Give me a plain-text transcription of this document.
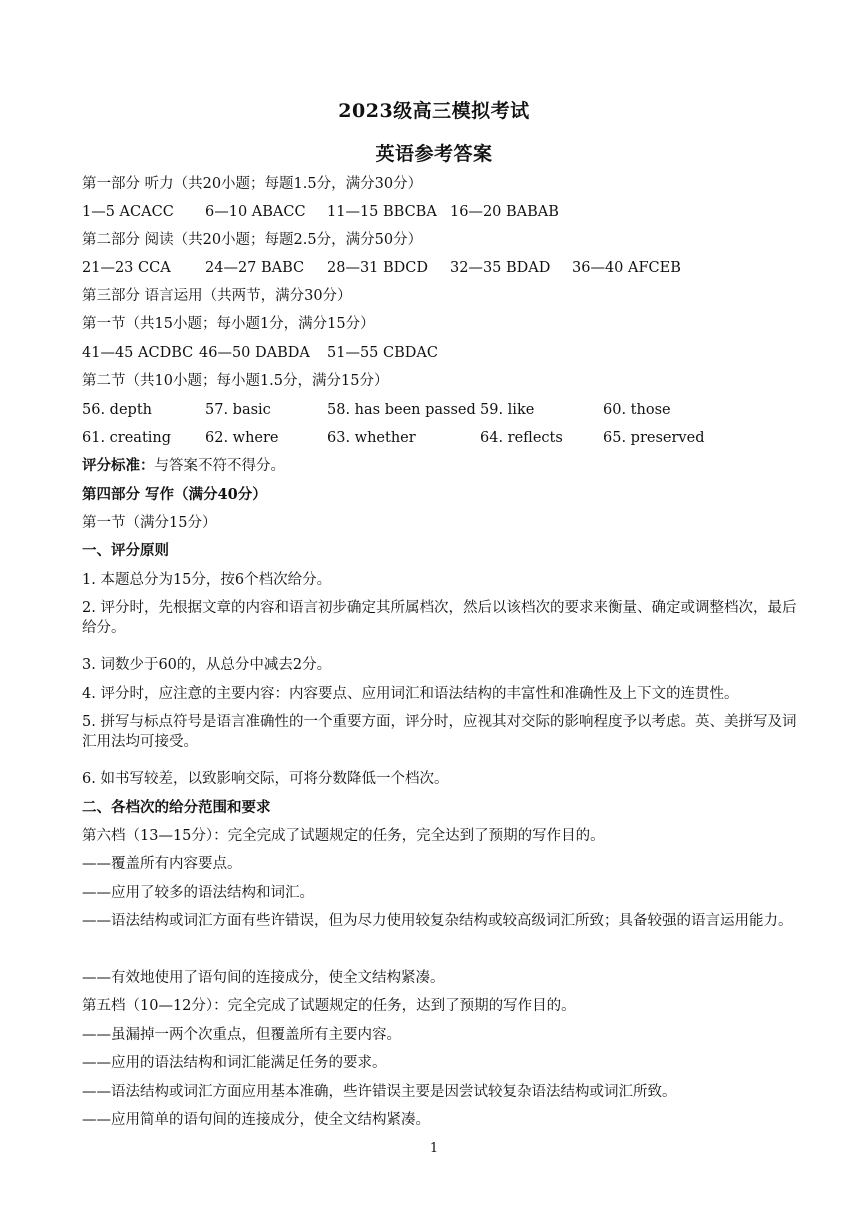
2023级高三模拟考试
英语参考答案
第一部分 听力（共20小题；每题1.5分，满分30分）
1—5 ACACC 6—10 ABACC 11—15 BBCBA 16—20 BABAB
第二部分 阅读（共20小题；每题2.5分，满分50分）
21—23 CCA 24—27 BABC 28—31 BDCD 32—35 BDAD 36—40 AFCEB
第三部分 语言运用（共两节，满分30分）
第一节（共15小题；每小题1分，满分15分）
41—45 ACDBC 46—50 DABDA 51—55 CBDAC
第二节（共10小题；每小题1.5分，满分15分）
56. depth	57. basic	58. has been passed 59. like	60. those
61. creating 62. where	63. whether	64. reflects	65. preserved
评分标准：与答案不符不得分。
第四部分 写作（满分40分）
第一节（满分15分）
一、评分原则
1. 本题总分为15分，按6个档次给分。
2. 评分时，先根据文章的内容和语言初步确定其所属档次，然后以该档次的要求来衡量、确定或调整档次，最后给分。
3. 词数少于60的，从总分中减去2分。
4. 评分时，应注意的主要内容：内容要点、应用词汇和语法结构的丰富性和准确性及上下文的连贯性。
5. 拼写与标点符号是语言准确性的一个重要方面，评分时，应视其对交际的影响程度予以考虑。英、美拼写及词汇用法均可接受。
6. 如书写较差，以致影响交际，可将分数降低一个档次。
二、各档次的给分范围和要求
第六档（13—15分）：完全完成了试题规定的任务，完全达到了预期的写作目的。
——覆盖所有内容要点。
——应用了较多的语法结构和词汇。
——语法结构或词汇方面有些许错误，但为尽力使用较复杂结构或较高级词汇所致；具备较强的语言运用能力。
——有效地使用了语句间的连接成分，使全文结构紧凑。
第五档（10—12分）：完全完成了试题规定的任务，达到了预期的写作目的。
——虽漏掉一两个次重点，但覆盖所有主要内容。
——应用的语法结构和词汇能满足任务的要求。
——语法结构或词汇方面应用基本准确，些许错误主要是因尝试较复杂语法结构或词汇所致。
——应用简单的语句间的连接成分，使全文结构紧凑。
1
